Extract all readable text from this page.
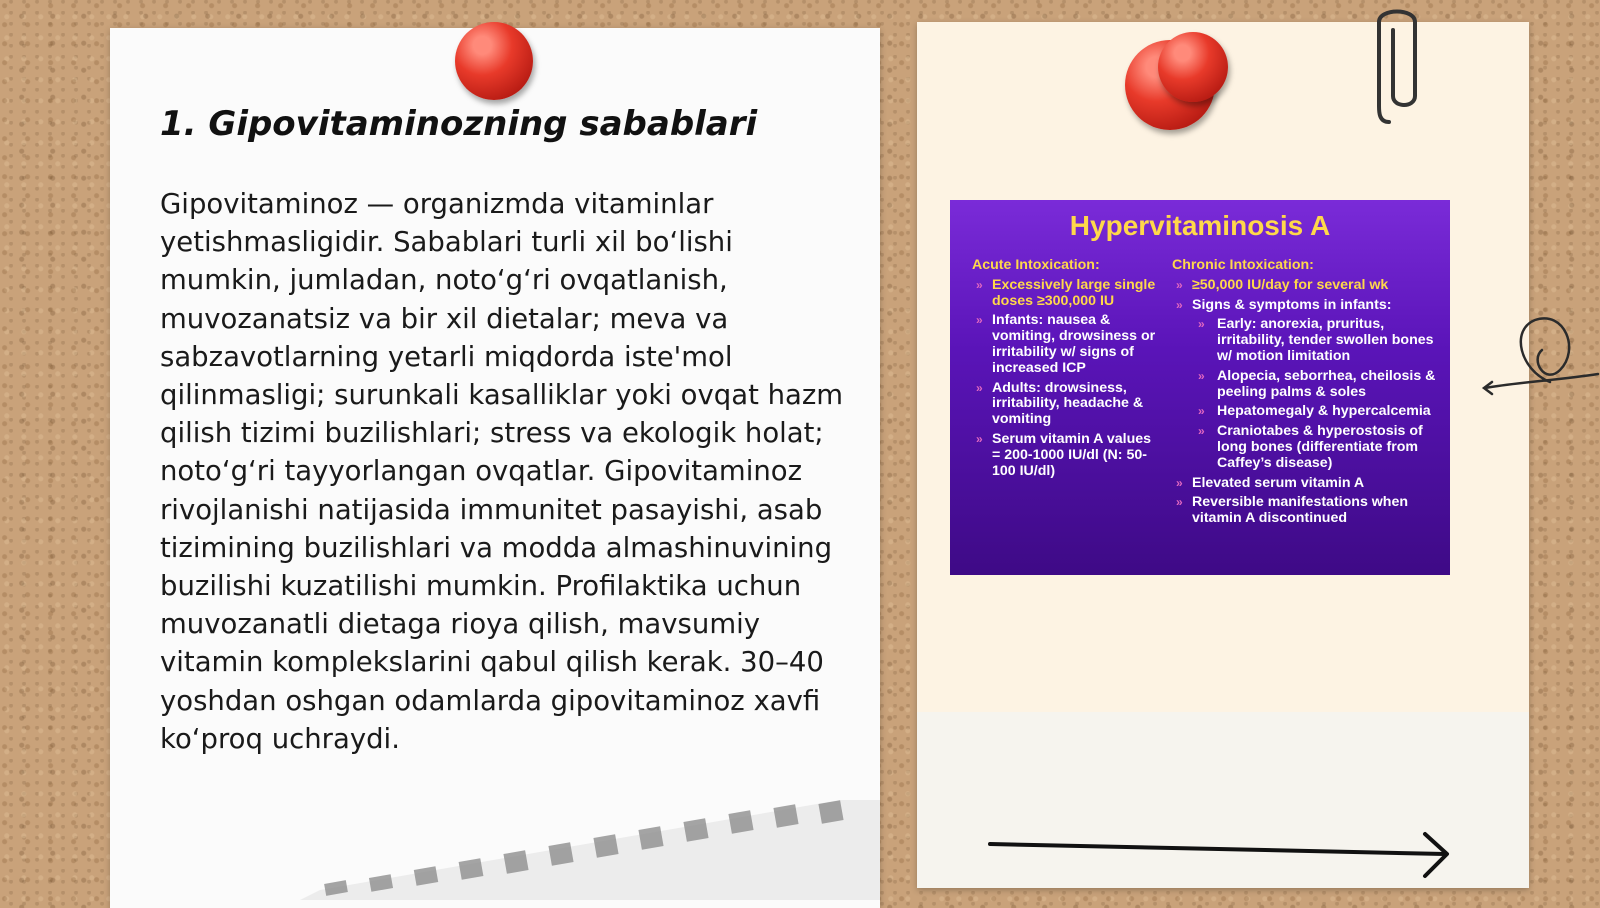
1. Gipovitaminozning sabablari

Gipovitaminoz — organizmda vitaminlar yetishmasligidir. Sabablari turli xil bo‘lishi mumkin, jumladan, noto‘g‘ri ovqatlanish, muvozanatsiz va bir xil dietalar; meva va sabzavotlarning yetarli miqdorda iste'mol qilinmasligi; surunkali kasalliklar yoki ovqat hazm qilish tizimi buzilishlari; stress va ekologik holat; noto‘g‘ri tayyorlangan ovqatlar. Gipovitaminoz rivojlanishi natijasida immunitet pasayishi, asab tizimining buzilishlari va modda almashinuvining buzilishi kuzatilishi mumkin. Profilaktika uchun muvozanatli dietaga rioya qilish, mavsumiy vitamin komplekslarini qabul qilish kerak. 30–40 yoshdan oshgan odamlarda gipovitaminoz xavfi ko‘proq uchraydi.

Hypervitaminosis A
Acute Intoxication:
» Excessively large single doses ≥300,000 IU
» Infants: nausea & vomiting, drowsiness or irritability w/ signs of increased ICP
» Adults: drowsiness, irritability, headache & vomiting
» Serum vitamin A values = 200-1000 IU/dl (N: 50-100 IU/dl)
Chronic Intoxication:
» ≥50,000 IU/day for several wk
» Signs & symptoms in infants:
» Early: anorexia, pruritus, irritability, tender swollen bones w/ motion limitation
» Alopecia, seborrhea, cheilosis & peeling palms & soles
» Hepatomegaly & hypercalcemia
» Craniotabes & hyperostosis of long bones (differentiate from Caffey’s disease)
» Elevated serum vitamin A
» Reversible manifestations when vitamin A discontinued
